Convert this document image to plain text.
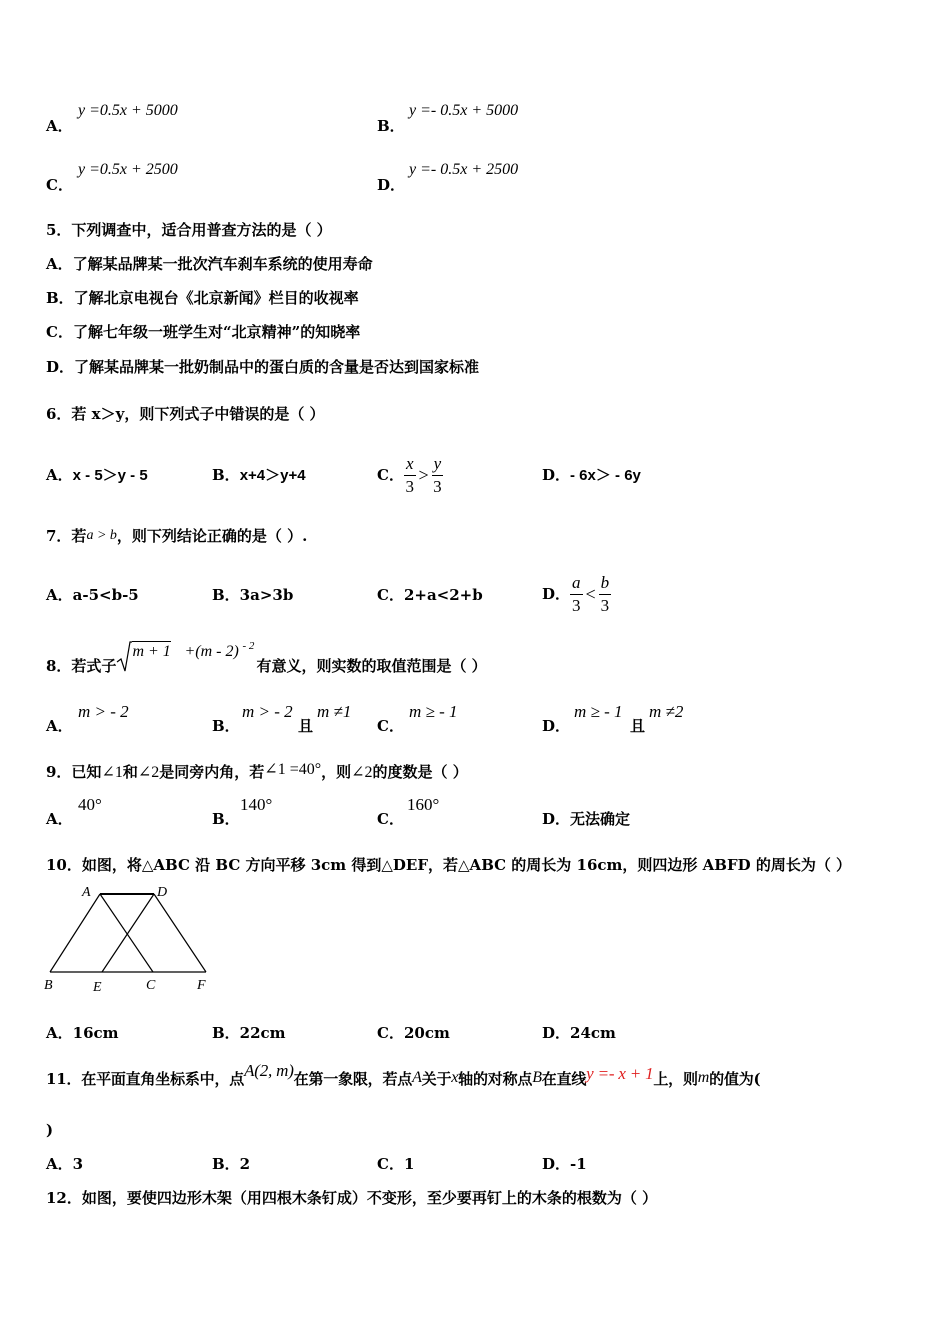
A．
y =0.5x + 5000
B．
y =- 0.5x + 5000
C．
y =0.5x + 2500
D．
y =- 0.5x + 2500
5．下列调查中，适合用普查方法的是（ ）
A．了解某品牌某一批次汽车刹车系统的使用寿命
B．了解北京电视台《北京新闻》栏目的收视率
C．了解七年级一班学生对“北京精神”的知晓率
D．了解某品牌某一批奶制品中的蛋白质的含量是否达到国家标准
6．若 x＞y，则下列式子中错误的是（ ）
A．x - 5＞y - 5	B．x+4＞y+4	C． $\frac{x}{3} > \frac{y}{3}$	D．- 6x＞ - 6y
7．若a > b，则下列结论正确的是（ ）.
A．a-5<b-5	B．3a>3b	C．2+a<2+b	D． $\frac{a}{3} < \frac{b}{3}$
8．若式子
m + 1 +(m - 2) - 2
有意义，则实数的取值范围是（ ）
A．
m > - 2
B．
m > - 2
且
m ≠1
C．
m ≥ - 1
D．
m ≥ - 1
且
m ≠2
9．已知∠1和∠2是同旁内角，若∠1 =40°，则∠2的度数是（ ）
A．
40°
B．
140°
C．
160°
D．无法确定
10．如图，将△ABC 沿 BC 方向平移 3cm 得到△DEF，若△ABC 的周长为 16cm，则四边形 ABFD 的周长为（ ）
A	D
B	E	C	F
A．16cm	B．22cm	C．20cm	D．24cm
11．在平面直角坐标系中，点A(2, m)在第一象限，若点A关于x轴的对称点B在直线y =- x + 1上，则m的值为(
)
A．3	B．2	C．1	D．-1
12．如图，要使四边形木架（用四根木条钉成）不变形，至少要再钉上的木条的根数为（ ）
